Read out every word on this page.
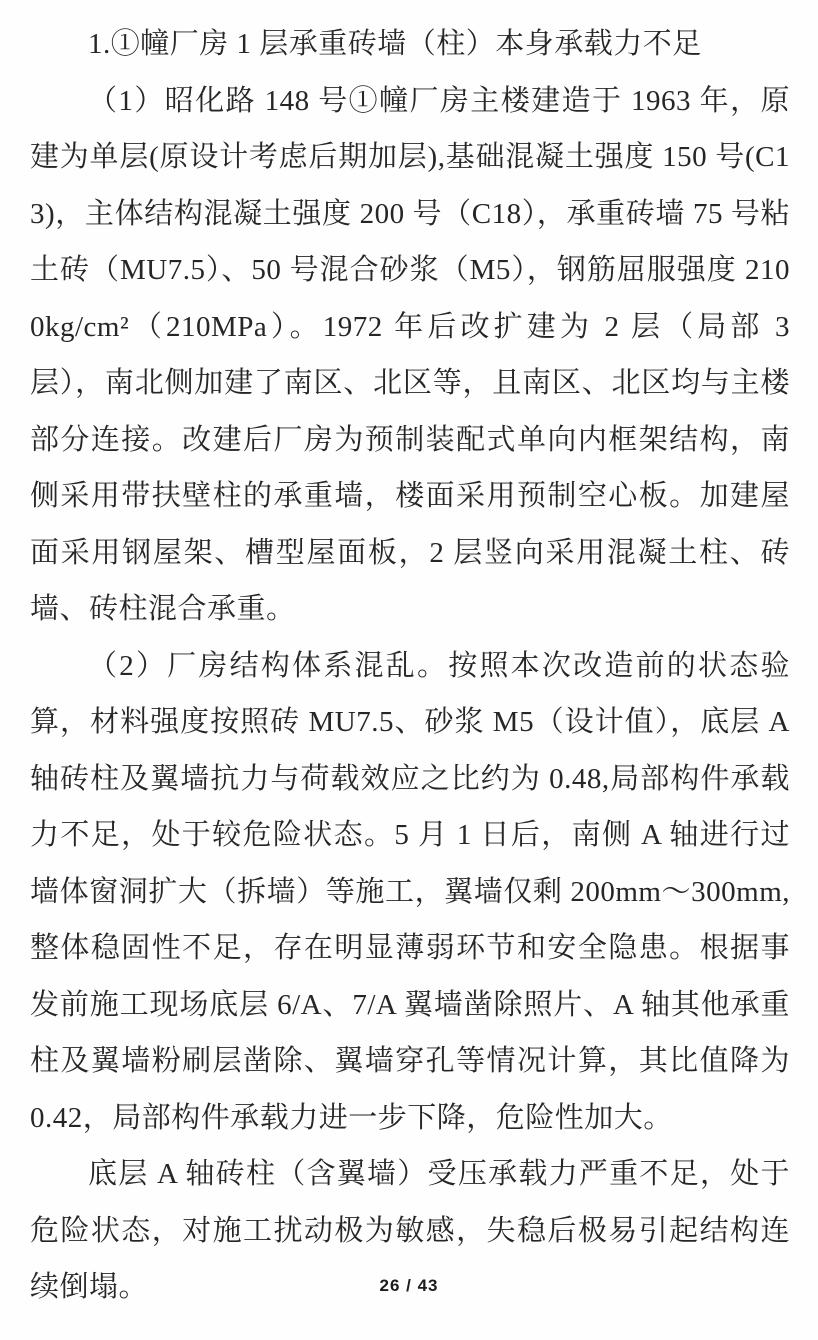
1.①幢厂房 1 层承重砖墙（柱）本身承载力不足

（1）昭化路 148 号①幢厂房主楼建造于 1963 年，原建为单层(原设计考虑后期加层),基础混凝土强度 150 号(C13)，主体结构混凝土强度 200 号（C18），承重砖墙 75 号粘土砖（MU7.5）、50 号混合砂浆（M5），钢筋屈服强度 2100kg/cm²（210MPa）。1972 年后改扩建为 2 层（局部 3 层），南北侧加建了南区、北区等，且南区、北区均与主楼部分连接。改建后厂房为预制装配式单向内框架结构，南侧采用带扶壁柱的承重墙，楼面采用预制空心板。加建屋面采用钢屋架、槽型屋面板，2 层竖向采用混凝土柱、砖墙、砖柱混合承重。

（2）厂房结构体系混乱。按照本次改造前的状态验算，材料强度按照砖 MU7.5、砂浆 M5（设计值），底层 A 轴砖柱及翼墙抗力与荷载效应之比约为 0.48,局部构件承载力不足，处于较危险状态。5 月 1 日后，南侧 A 轴进行过墙体窗洞扩大（拆墙）等施工，翼墙仅剩 200mm～300mm,整体稳固性不足，存在明显薄弱环节和安全隐患。根据事发前施工现场底层 6/A、7/A 翼墙凿除照片、A 轴其他承重柱及翼墙粉刷层凿除、翼墙穿孔等情况计算，其比值降为 0.42，局部构件承载力进一步下降，危险性加大。

底层 A 轴砖柱（含翼墙）受压承载力严重不足，处于危险状态，对施工扰动极为敏感，失稳后极易引起结构连续倒塌。	26 / 43
